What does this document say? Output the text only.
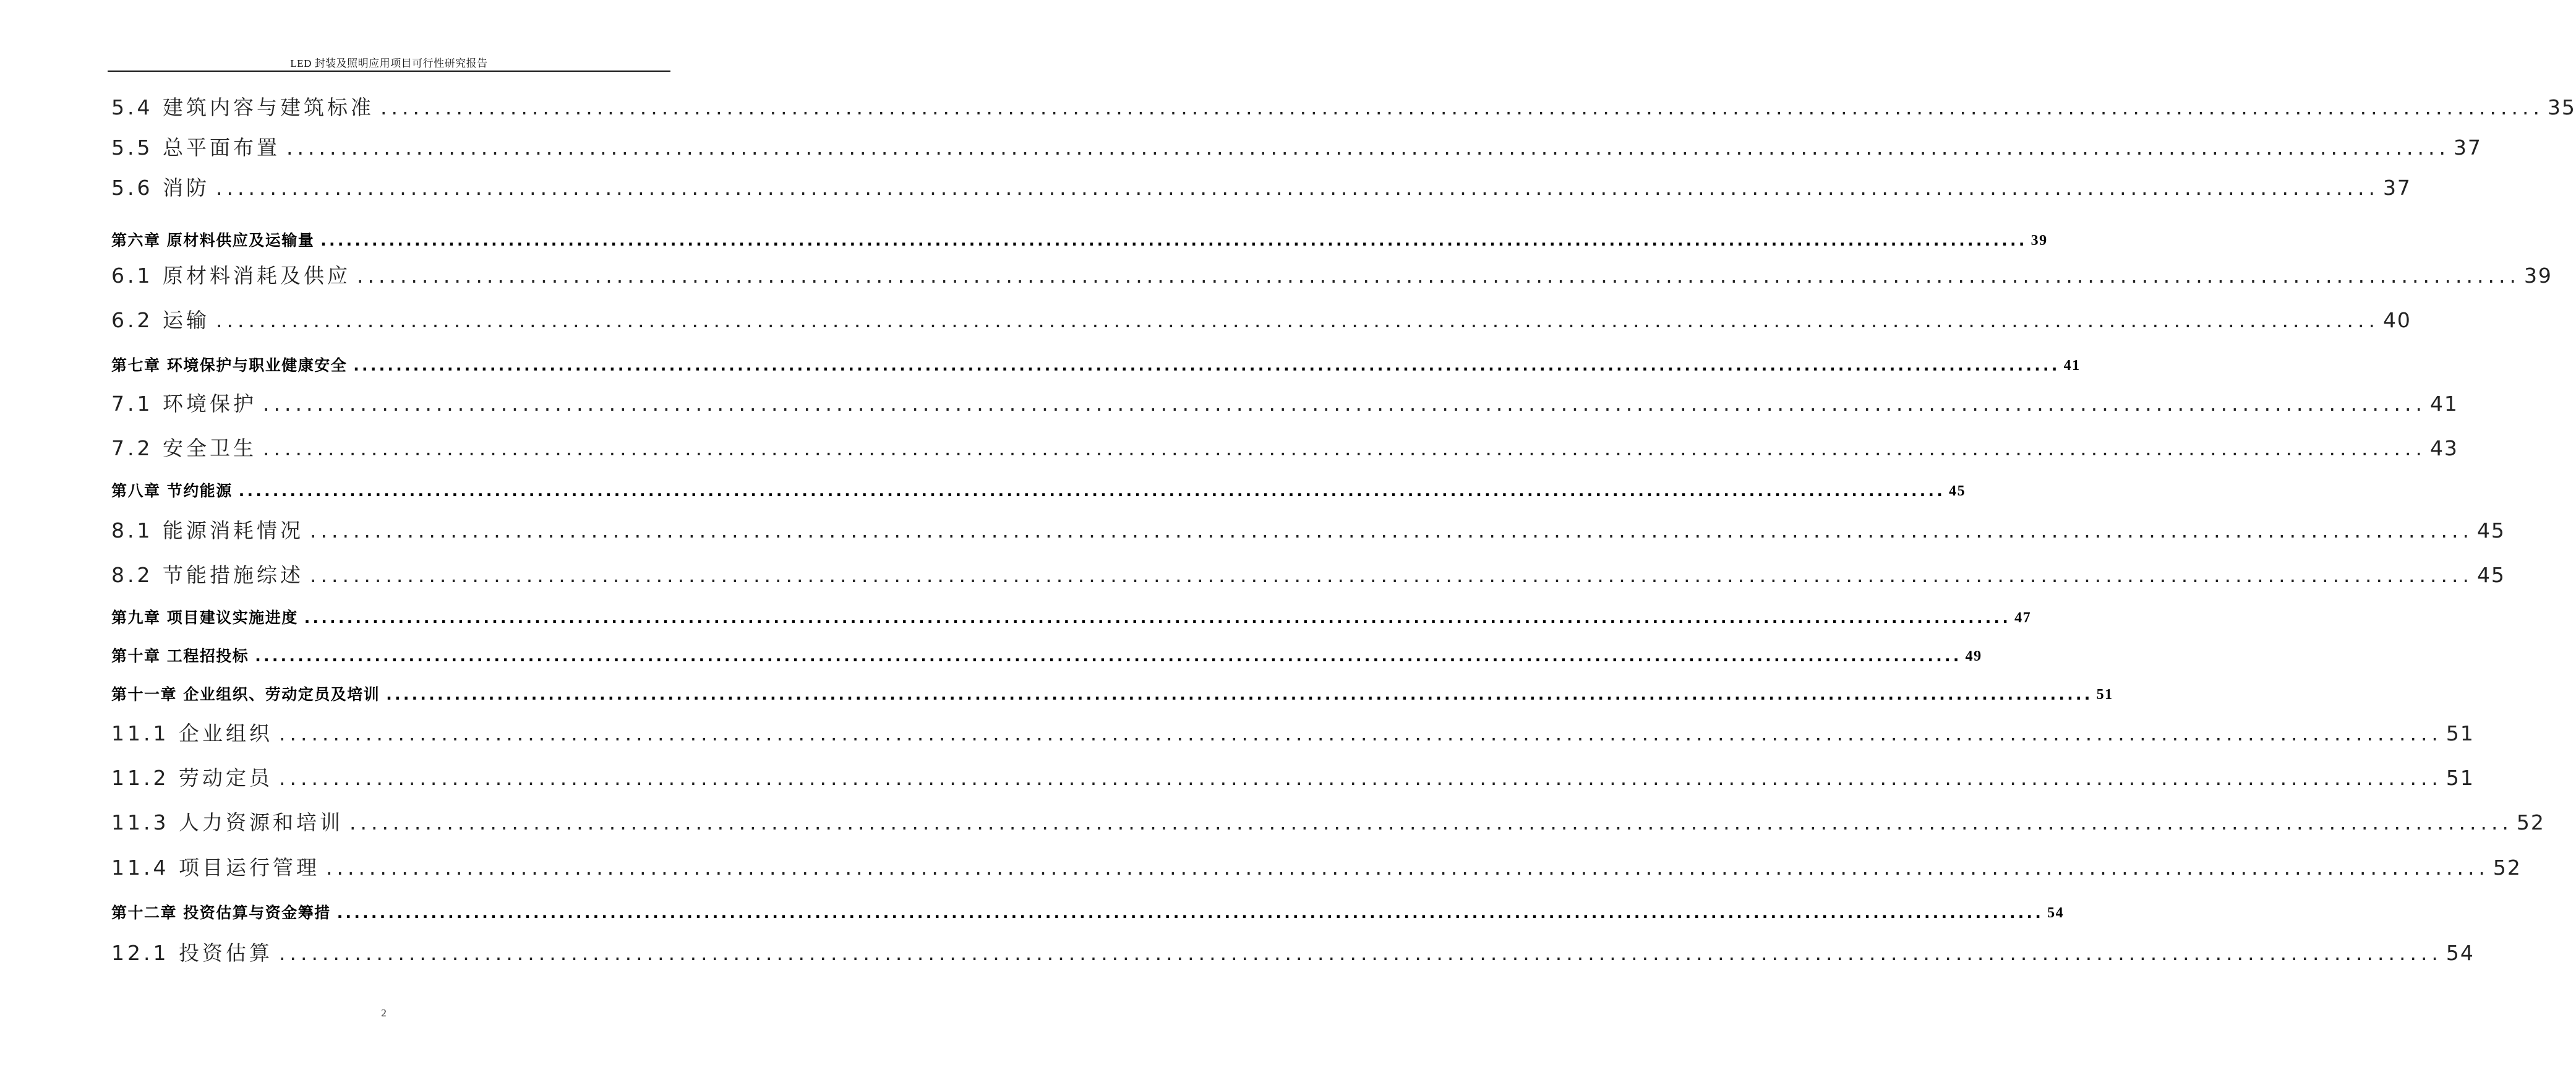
LED 封装及照明应用项目可行性研究报告
5.4 建筑内容与建筑标准 ........................................................................................................................................................................................................ 35
5.5 总平面布置 ........................................................................................................................................................................................................ 37
5.6 消防 ........................................................................................................................................................................................................ 37
第六章 原材料供应及运输量 ........................................................................................................................................................................................................ 39
6.1 原材料消耗及供应 ........................................................................................................................................................................................................ 39
6.2 运输 ........................................................................................................................................................................................................ 40
第七章 环境保护与职业健康安全 ........................................................................................................................................................................................................ 41
7.1 环境保护 ........................................................................................................................................................................................................ 41
7.2 安全卫生 ........................................................................................................................................................................................................ 43
第八章 节约能源 ........................................................................................................................................................................................................ 45
8.1 能源消耗情况 ........................................................................................................................................................................................................ 45
8.2 节能措施综述 ........................................................................................................................................................................................................ 45
第九章 项目建议实施进度 ........................................................................................................................................................................................................ 47
第十章 工程招投标 ........................................................................................................................................................................................................ 49
第十一章 企业组织、劳动定员及培训 ........................................................................................................................................................................................................ 51
11.1 企业组织 ........................................................................................................................................................................................................ 51
11.2 劳动定员 ........................................................................................................................................................................................................ 51
11.3 人力资源和培训 ........................................................................................................................................................................................................ 52
11.4 项目运行管理 ........................................................................................................................................................................................................ 52
第十二章 投资估算与资金筹措 ........................................................................................................................................................................................................ 54
12.1 投资估算 ........................................................................................................................................................................................................ 54
2
